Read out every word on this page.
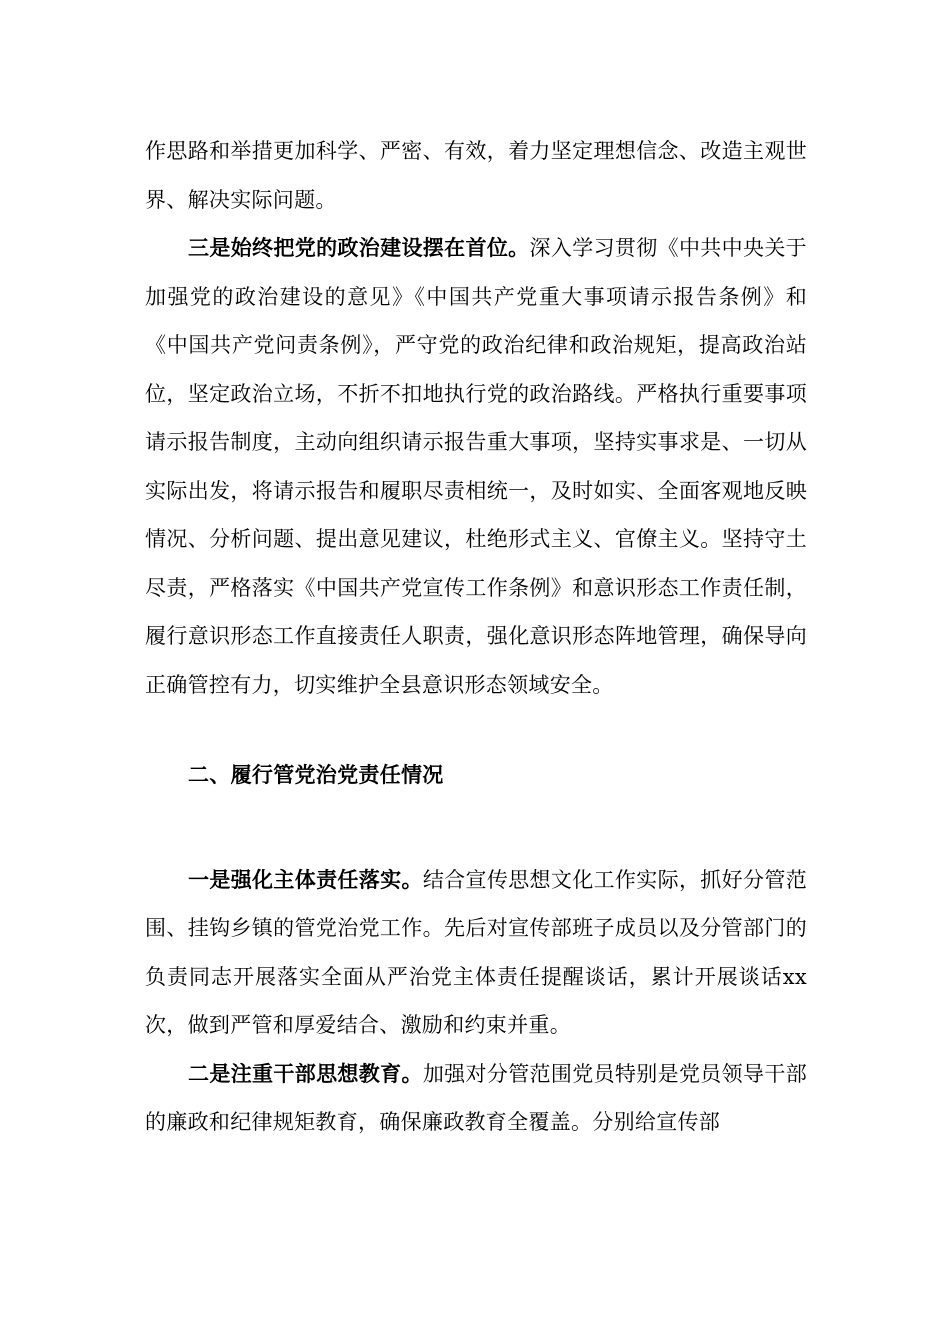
作思路和举措更加科学、严密、有效，着力坚定理想信念、改造主观世界、解决实际问题。

三是始终把党的政治建设摆在首位。深入学习贯彻《中共中央关于加强党的政治建设的意见》《中国共产党重大事项请示报告条例》和《中国共产党问责条例》，严守党的政治纪律和政治规矩，提高政治站位，坚定政治立场，不折不扣地执行党的政治路线。严格执行重要事项请示报告制度，主动向组织请示报告重大事项，坚持实事求是、一切从实际出发，将请示报告和履职尽责相统一，及时如实、全面客观地反映情况、分析问题、提出意见建议，杜绝形式主义、官僚主义。坚持守土尽责，严格落实《中国共产党宣传工作条例》和意识形态工作责任制，履行意识形态工作直接责任人职责，强化意识形态阵地管理，确保导向正确管控有力，切实维护全县意识形态领域安全。

二、履行管党治党责任情况

一是强化主体责任落实。结合宣传思想文化工作实际，抓好分管范围、挂钩乡镇的管党治党工作。先后对宣传部班子成员以及分管部门的负责同志开展落实全面从严治党主体责任提醒谈话，累计开展谈话xx次，做到严管和厚爱结合、激励和约束并重。

二是注重干部思想教育。加强对分管范围党员特别是党员领导干部的廉政和纪律规矩教育，确保廉政教育全覆盖。分别给宣传部
